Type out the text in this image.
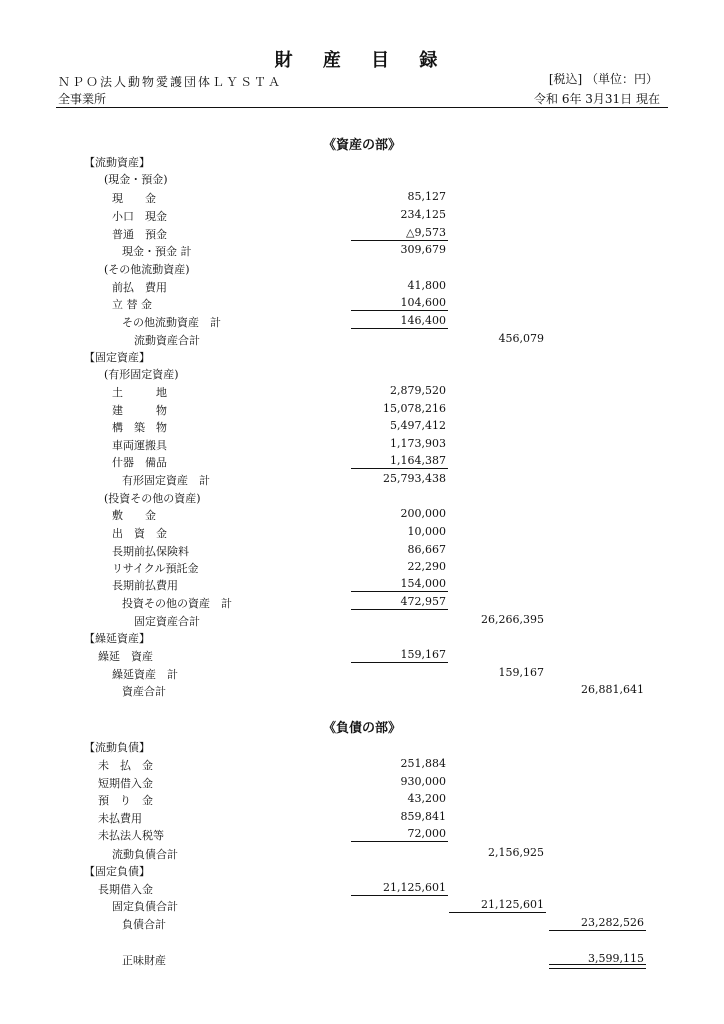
財 産 目 録
ＮＰＯ法人動物愛護団体ＬＹＳＴＡ	[税込] （単位：円）
全事業所	令和 6年 3月31日 現在
《資産の部》
【流動資産】
(現金・預金)
現　　金	85,127
小口　現金	234,125
普通　預金	△9,573
現金・預金 計	309,679
(その他流動資産)
前払　費用	41,800
立 替 金	104,600
その他流動資産　計	146,400
流動資産合計	456,079
【固定資産】
(有形固定資産)
土　　　地	2,879,520
建　　　物	15,078,216
構　築　物	5,497,412
車両運搬具	1,173,903
什器　備品	1,164,387
有形固定資産　計	25,793,438
(投資その他の資産)
敷　　金	200,000
出　資　金	10,000
長期前払保険料	86,667
リサイクル預託金	22,290
長期前払費用	154,000
投資その他の資産　計	472,957
固定資産合計	26,266,395
【繰延資産】
繰延　資産	159,167
繰延資産　計	159,167
資産合計	26,881,641
《負債の部》
【流動負債】
未　払　金	251,884
短期借入金	930,000
預　り　金	43,200
未払費用	859,841
未払法人税等	72,000
流動負債合計	2,156,925
【固定負債】
長期借入金	21,125,601
固定負債合計	21,125,601
負債合計	23,282,526
正味財産	3,599,115
